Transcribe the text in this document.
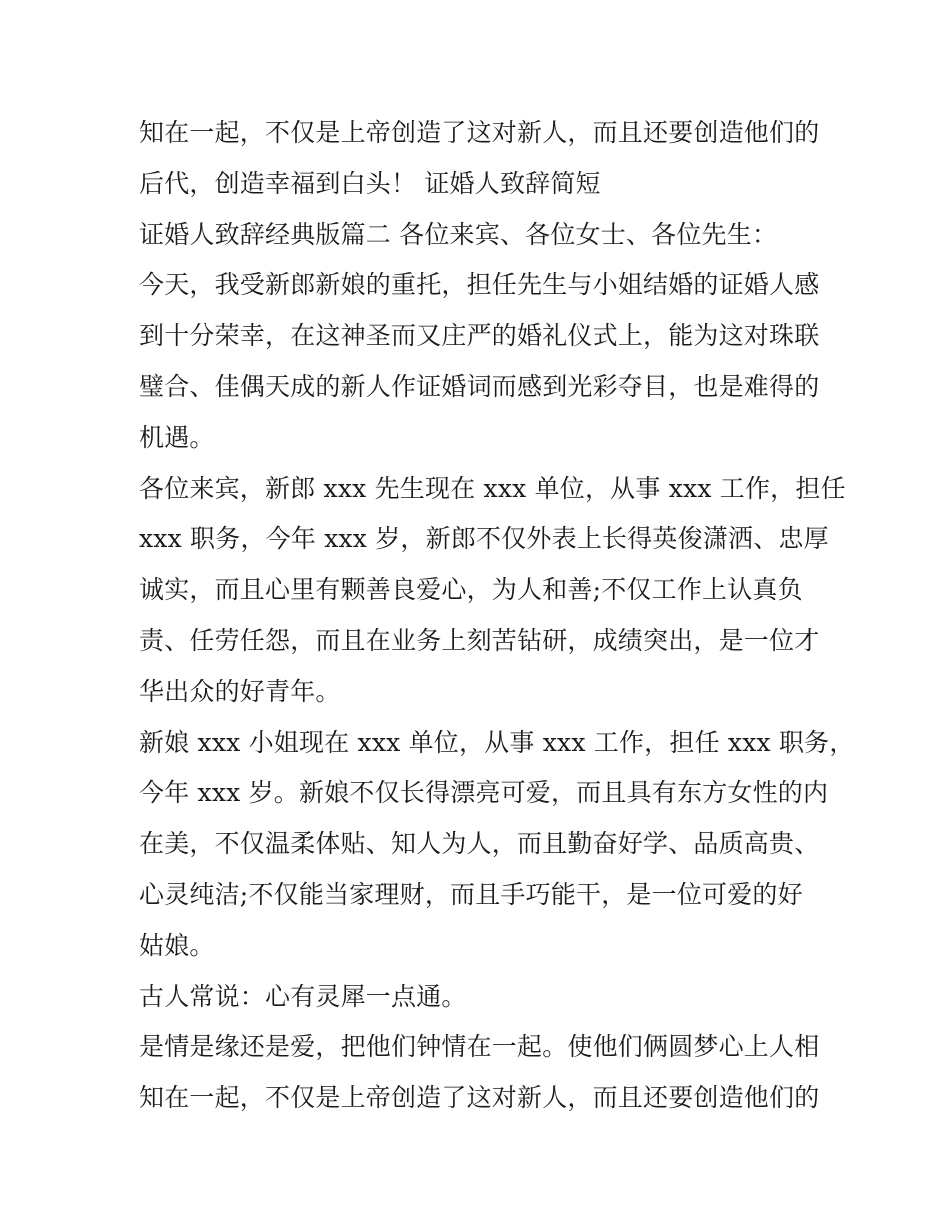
知在一起，不仅是上帝创造了这对新人，而且还要创造他们的
后代，创造幸福到白头！ 证婚人致辞简短
证婚人致辞经典版篇二 各位来宾、各位女士、各位先生：
今天，我受新郎新娘的重托，担任先生与小姐结婚的证婚人感
到十分荣幸，在这神圣而又庄严的婚礼仪式上，能为这对珠联
璧合、佳偶天成的新人作证婚词而感到光彩夺目，也是难得的
机遇。
各位来宾，新郎 xxx 先生现在 xxx 单位，从事 xxx 工作，担任
xxx 职务，今年 xxx 岁，新郎不仅外表上长得英俊潇洒、忠厚
诚实，而且心里有颗善良爱心，为人和善;不仅工作上认真负
责、任劳任怨，而且在业务上刻苦钻研，成绩突出，是一位才
华出众的好青年。
新娘 xxx 小姐现在 xxx 单位，从事 xxx 工作，担任 xxx 职务，
今年 xxx 岁。新娘不仅长得漂亮可爱，而且具有东方女性的内
在美，不仅温柔体贴、知人为人，而且勤奋好学、品质高贵、
心灵纯洁;不仅能当家理财，而且手巧能干，是一位可爱的好
姑娘。
古人常说：心有灵犀一点通。
是情是缘还是爱，把他们钟情在一起。使他们俩圆梦心上人相
知在一起，不仅是上帝创造了这对新人，而且还要创造他们的
